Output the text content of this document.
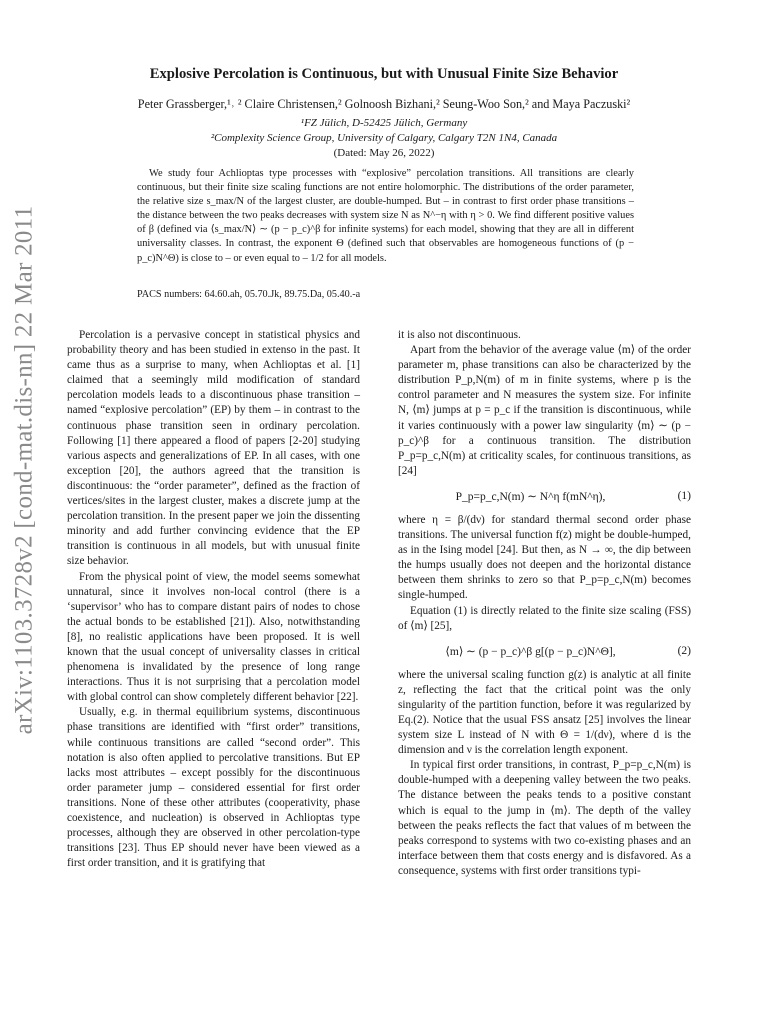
arXiv:1103.3728v2 [cond-mat.dis-nn] 22 Mar 2011
Explosive Percolation is Continuous, but with Unusual Finite Size Behavior
Peter Grassberger,¹˒ ² Claire Christensen,² Golnoosh Bizhani,² Seung-Woo Son,² and Maya Paczuski²
¹FZ Jülich, D-52425 Jülich, Germany
²Complexity Science Group, University of Calgary, Calgary T2N 1N4, Canada
(Dated: May 26, 2022)

We study four Achlioptas type processes with “explosive” percolation transitions. All transitions are clearly continuous, but their finite size scaling functions are not entire holomorphic. The distributions of the order parameter, the relative size s_max/N of the largest cluster, are double-humped. But – in contrast to first order phase transitions – the distance between the two peaks decreases with system size N as N^−η with η > 0. We find different positive values of β (defined via ⟨s_max/N⟩ ∼ (p − p_c)^β for infinite systems) for each model, showing that they are all in different universality classes. In contrast, the exponent Θ (defined such that observables are homogeneous functions of (p − p_c)N^Θ) is close to – or even equal to – 1/2 for all models.

PACS numbers: 64.60.ah, 05.70.Jk, 89.75.Da, 05.40.-a

Percolation is a pervasive concept in statistical physics and probability theory and has been studied in extenso in the past. It came thus as a surprise to many, when Achlioptas et al. [1] claimed that a seemingly mild modification of standard percolation models leads to a discontinuous phase transition – named “explosive percolation” (EP) by them – in contrast to the continuous phase transition seen in ordinary percolation. Following [1] there appeared a flood of papers [2-20] studying various aspects and generalizations of EP. In all cases, with one exception [20], the authors agreed that the transition is discontinuous: the “order parameter”, defined as the fraction of vertices/sites in the largest cluster, makes a discrete jump at the percolation transition. In the present paper we join the dissenting minority and add further convincing evidence that the EP transition is continuous in all models, but with unusual finite size behavior.

From the physical point of view, the model seems somewhat unnatural, since it involves non-local control (there is a ‘supervisor’ who has to compare distant pairs of nodes to chose the actual bonds to be established [21]). Also, notwithstanding [8], no realistic applications have been proposed. It is well known that the usual concept of universality classes in critical phenomena is invalidated by the presence of long range interactions. Thus it is not surprising that a percolation model with global control can show completely different behavior [22].

Usually, e.g. in thermal equilibrium systems, discontinuous phase transitions are identified with “first order” transitions, while continuous transitions are called “second order”. This notation is also often applied to percolative transitions. But EP lacks most attributes – except possibly for the discontinuous order parameter jump – considered essential for first order transitions. None of these other attributes (cooperativity, phase coexistence, and nucleation) is observed in Achlioptas type processes, although they are observed in other percolation-type transitions [23]. Thus EP should never have been viewed as a first order transition, and it is gratifying that

it is also not discontinuous.

Apart from the behavior of the average value ⟨m⟩ of the order parameter m, phase transitions can also be characterized by the distribution P_p,N(m) of m in finite systems, where p is the control parameter and N measures the system size. For infinite N, ⟨m⟩ jumps at p = p_c if the transition is discontinuous, while it varies continuously with a power law singularity ⟨m⟩ ∼ (p − p_c)^β for a continuous transition. The distribution P_p=p_c,N(m) at criticality scales, for continuous transitions, as [24]

P_p=p_c,N(m) ∼ N^η f(mN^η),	(1)

where η = β/(dν) for standard thermal second order phase transitions. The universal function f(z) might be double-humped, as in the Ising model [24]. But then, as N → ∞, the dip between the humps usually does not deepen and the horizontal distance between them shrinks to zero so that P_p=p_c,N(m) becomes single-humped.

Equation (1) is directly related to the finite size scaling (FSS) of ⟨m⟩ [25],

⟨m⟩ ∼ (p − p_c)^β g[(p − p_c)N^Θ],	(2)

where the universal scaling function g(z) is analytic at all finite z, reflecting the fact that the critical point was the only singularity of the partition function, before it was regularized by Eq.(2). Notice that the usual FSS ansatz [25] involves the linear system size L instead of N with Θ = 1/(dν), where d is the dimension and ν is the correlation length exponent.

In typical first order transitions, in contrast, P_p=p_c,N(m) is double-humped with a deepening valley between the two peaks. The distance between the peaks tends to a positive constant which is equal to the jump in ⟨m⟩. The depth of the valley between the peaks reflects the fact that values of m between the peaks correspond to systems with two co-existing phases and an interface between them that costs energy and is disfavored. As a consequence, systems with first order transitions typi-
